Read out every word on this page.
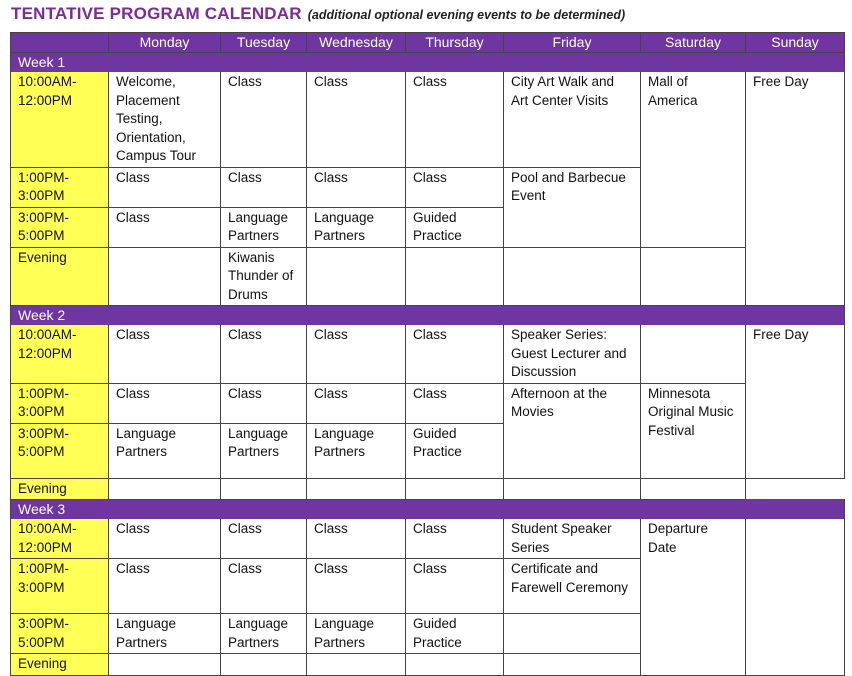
TENTATIVE PROGRAM CALENDAR (additional optional evening events to be determined)
	Monday	Tuesday	Wednesday	Thursday	Friday	Saturday	Sunday
Week 1							
10:00AM-12:00PM	Welcome, Placement Testing, Orientation, Campus Tour	Class	Class	Class	City Art Walk and Art Center Visits	Mall of America	Free Day
1:00PM-3:00PM	Class	Class	Class	Class	Pool and Barbecue Event		
3:00PM-5:00PM	Class	Language Partners	Language Partners	Guided Practice			
Evening		Kiwanis Thunder of Drums					
Week 2							
10:00AM-12:00PM	Class	Class	Class	Class	Speaker Series: Guest Lecturer and Discussion		Free Day
1:00PM-3:00PM	Class	Class	Class	Class	Afternoon at the Movies	Minnesota Original Music Festival	
3:00PM-5:00PM	Language Partners	Language Partners	Language Partners	Guided Practice			
Evening							
Week 3							
10:00AM-12:00PM	Class	Class	Class	Class	Student Speaker Series	Departure Date	
1:00PM-3:00PM	Class	Class	Class	Class	Certificate and Farewell Ceremony		
3:00PM-5:00PM	Language Partners	Language Partners	Language Partners	Guided Practice			
Evening							
